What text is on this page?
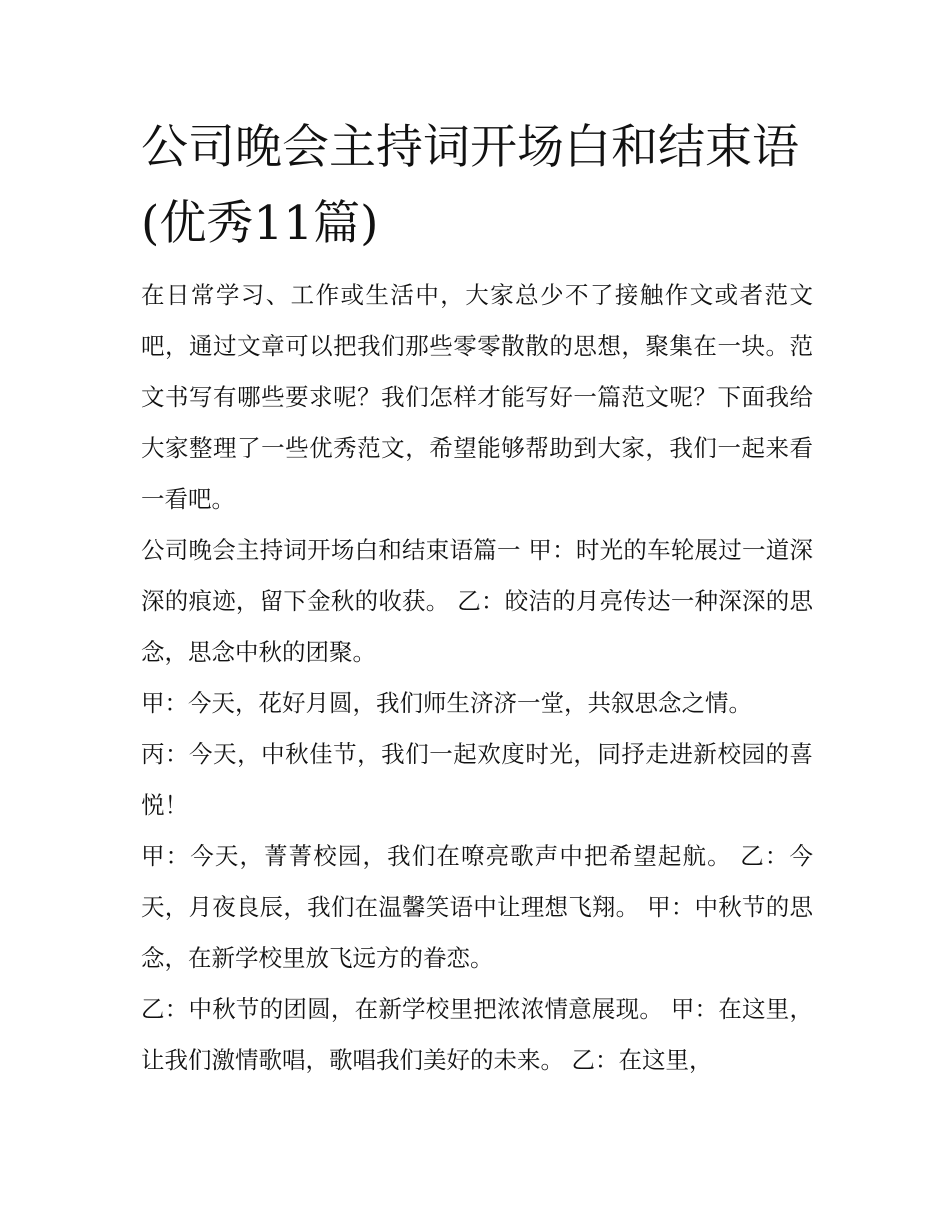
公司晚会主持词开场白和结束语(优秀11篇)

在日常学习、工作或生活中，大家总少不了接触作文或者范文吧，通过文章可以把我们那些零零散散的思想，聚集在一块。范文书写有哪些要求呢？我们怎样才能写好一篇范文呢？下面我给大家整理了一些优秀范文，希望能够帮助到大家，我们一起来看一看吧。

公司晚会主持词开场白和结束语篇一 甲：时光的车轮展过一道深深的痕迹，留下金秋的收获。 乙：皎洁的月亮传达一种深深的思念，思念中秋的团聚。

甲：今天，花好月圆，我们师生济济一堂，共叙思念之情。

丙：今天，中秋佳节，我们一起欢度时光，同抒走进新校园的喜悦！

甲：今天，菁菁校园，我们在嘹亮歌声中把希望起航。 乙：今天，月夜良辰，我们在温馨笑语中让理想飞翔。 甲：中秋节的思念，在新学校里放飞远方的眷恋。

乙：中秋节的团圆，在新学校里把浓浓情意展现。 甲：在这里，让我们激情歌唱，歌唱我们美好的未来。 乙：在这里，
